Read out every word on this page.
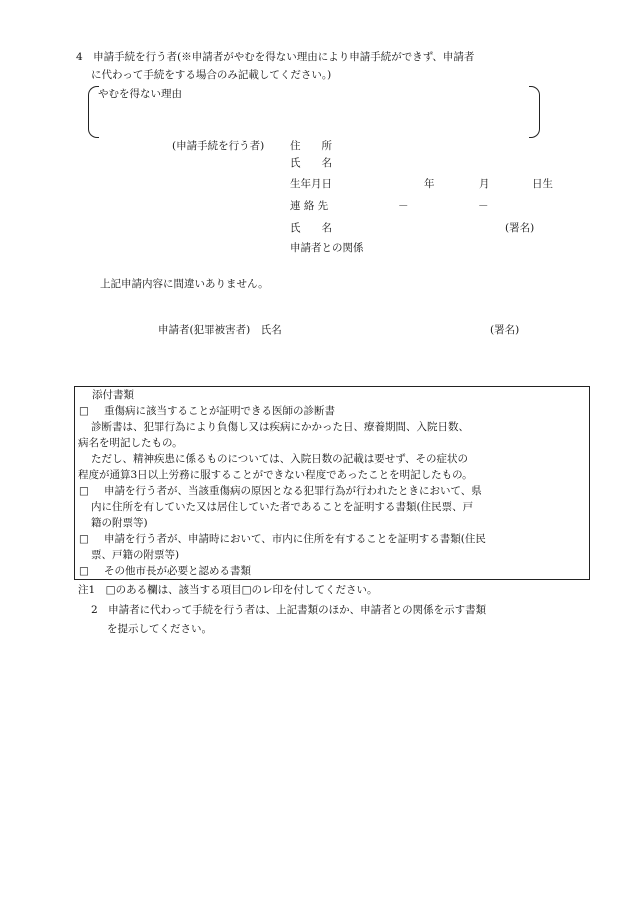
4　申請手続を行う者(※申請者がやむを得ない理由により申請手続ができず、申請者
に代わって手続をする場合のみ記載してください。)
やむを得ない理由
(申請手続を行う者) 住　　所
氏　　名
生年月日	年	月	日生
連 絡 先	－	－
氏　　名	(署名)
申請者との関係
上記申請内容に間違いありません。
申請者(犯罪被害者)　氏名	(署名)
添付書類
□ 重傷病に該当することが証明できる医師の診断書
診断書は、犯罪行為により負傷し又は疾病にかかった日、療養期間、入院日数、
病名を明記したもの。
ただし、精神疾患に係るものについては、入院日数の記載は要せず、その症状の
程度が通算3日以上労務に服することができない程度であったことを明記したもの。
□ 申請を行う者が、当該重傷病の原因となる犯罪行為が行われたときにおいて、県
内に住所を有していた又は居住していた者であることを証明する書類(住民票、戸
籍の附票等)
□ 申請を行う者が、申請時において、市内に住所を有することを証明する書類(住民
票、戸籍の附票等)
□ その他市長が必要と認める書類
注1　□のある欄は、該当する項目□のレ印を付してください。
2　申請者に代わって手続を行う者は、上記書類のほか、申請者との関係を示す書類
を提示してください。
